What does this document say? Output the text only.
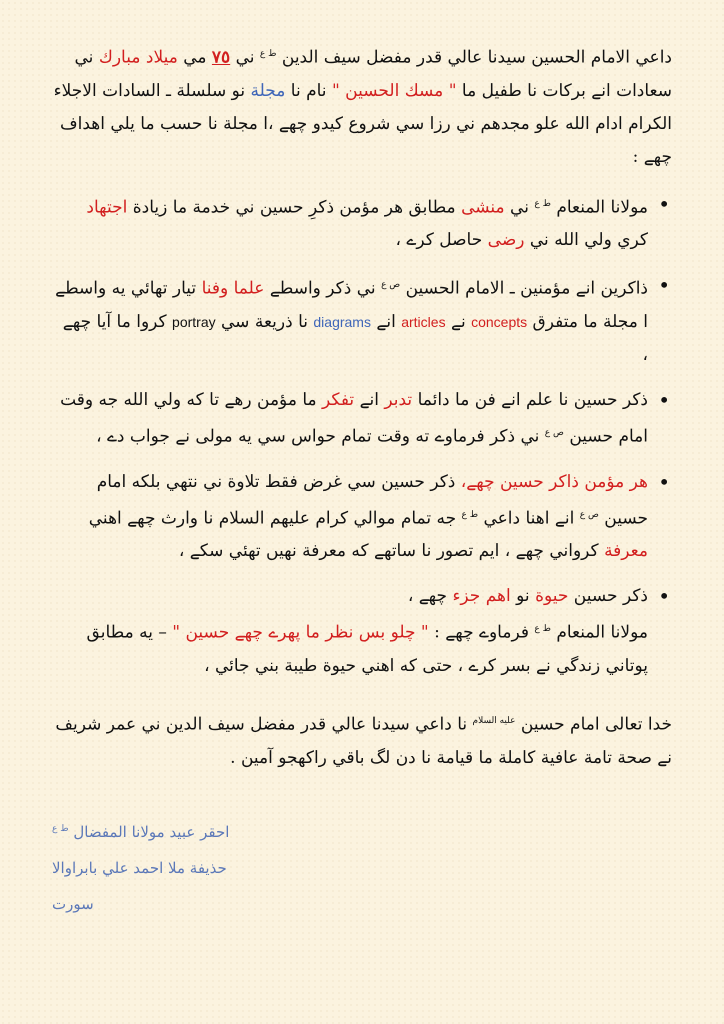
داعي الامام الحسين سيدنا عالي قدر مفضل سيف الدين $^{ط ع}$ ني ٧٥ مي ميلاد مبارك ني سعادات انے بركات نا طفيل ما " مسك الحسين " نام نا مجلة نو سلسلة ـ السادات الاجلاء الكرام ادام الله علو مجدهم ني رزا سي شروع كيدو چهے ،ا مجلة نا حسب ما يلي اهداف چهے :

• مولانا المنعام $^{ط ع}$ ني منشى مطابق هر مؤمن ذكرِ حسين ني خدمة ما زيادة اجتهاد كري ولي الله ني رضى حاصل كرے ،
• ذاكرين انے مؤمنين ـ الامام الحسين $^{ص ع}$ ني ذكر واسطے علما وفنا تيار تهائي يه واسطے ا مجلة ما متفرق concepts نے articles انے diagrams نا ذريعة سي portray كروا ما آيا چهے ،
• ذكر حسين نا علم انے فن ما دائما تدبر انے تفكر ما مؤمن رهے تا كه ولي الله جه وقت امام حسين $^{ص ع}$ ني ذكر فرماوے ته وقت تمام حواس سي يه مولى نے جواب دے ،
• هر مؤمن ذاكر حسين چهے، ذكر حسين سي غرض فقط تلاوة ني نتهي بلكه امام حسين $^{ص ع}$ انے اهنا داعي $^{ط ع}$ جه تمام موالي كرام عليهم السلام نا وارث چهے اهني معرفة كرواني چهے ، ايم تصور نا ساتهے كه معرفة نهيں تهئي سكے ،
• ذكر حسين حيوة نو اهم جزء چهے ،
مولانا المنعام $^{ط ع}$ فرماوے چهے : " چلو بس نظر ما پهرے چهے حسين " – يه مطابق پوتاني زندگي نے بسر كرے ، حتى كه اهني حيوة طيبة بني جائي ،

خدا تعالى امام حسين $^{عليه السلام}$ نا داعي سيدنا عالي قدر مفضل سيف الدين ني عمر شريف نے صحة تامة عافية كاملة ما قيامة نا دن لگ باقي راكهجو آمين .

احقر عبيد مولانا المفضال $^{ط ع}$

حذيفة ملا احمد علي بابراوالا

سورت
